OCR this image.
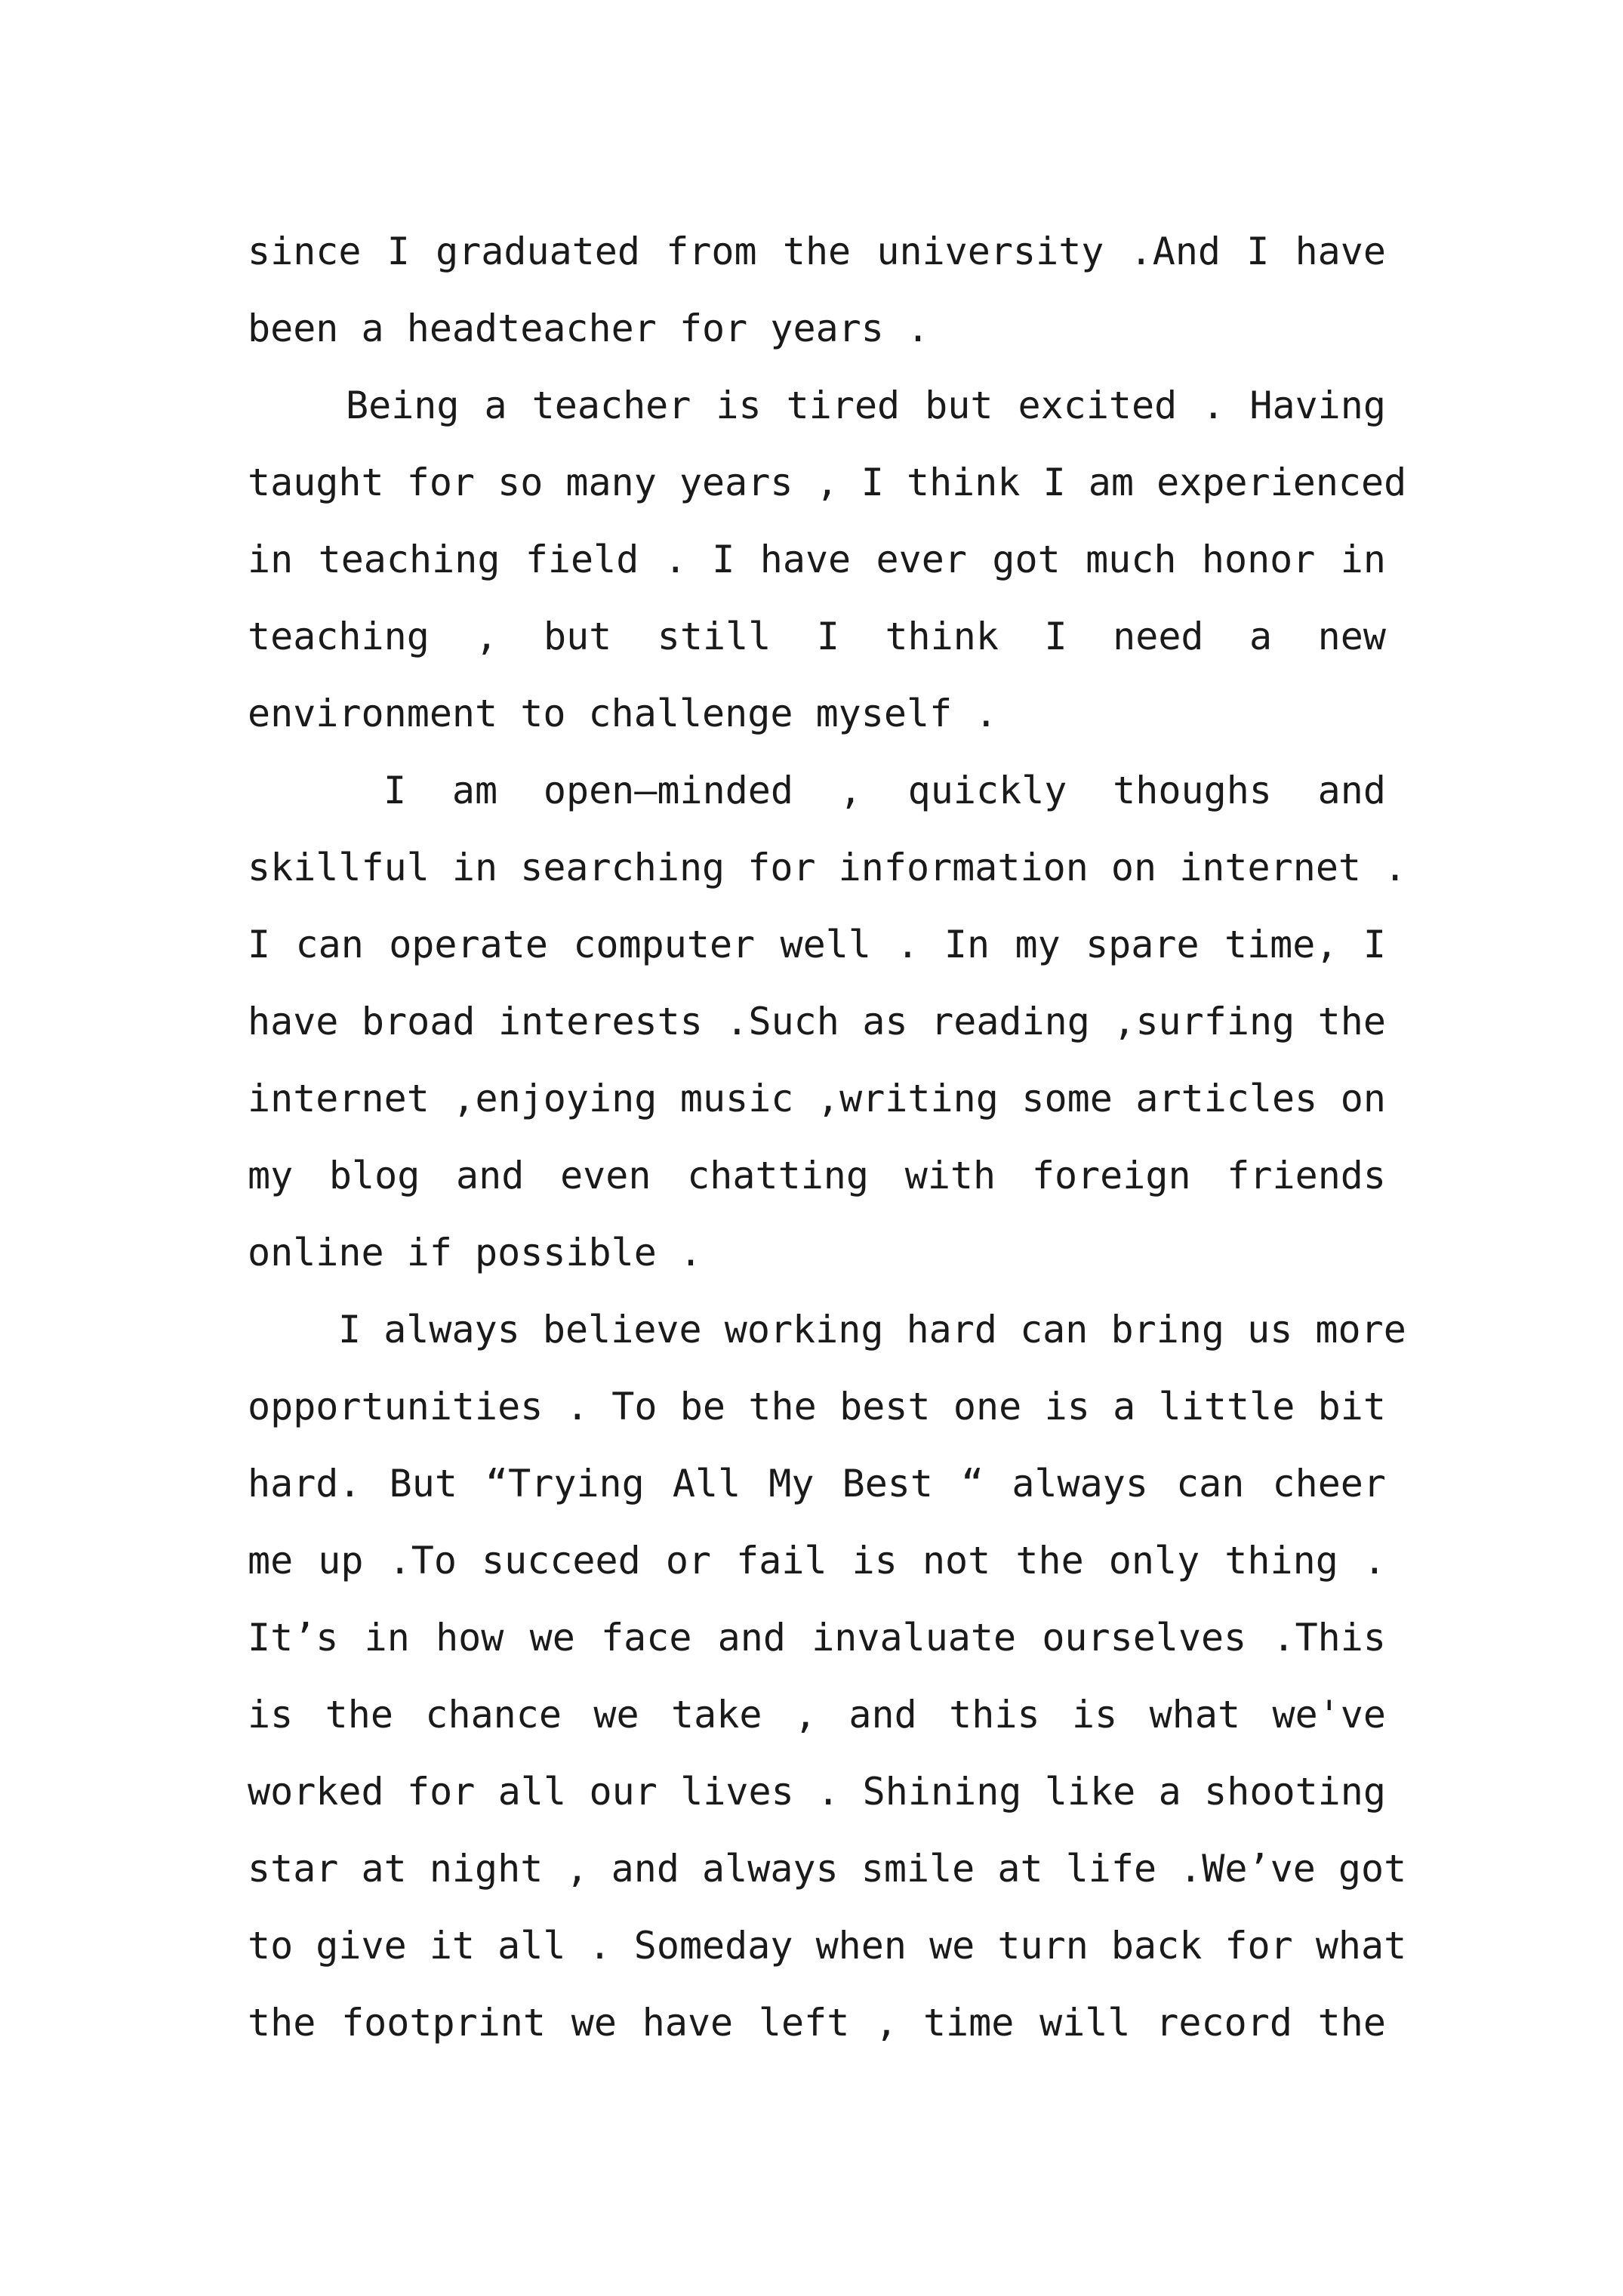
since I graduated from the university .And I have
been a headteacher for years .
Being a teacher is tired but excited . Having
taught for so many years , I think I am experienced
in teaching field . I have ever got much honor in
teaching , but still I think I need a new
environment to challenge myself .
I am open—minded , quickly thoughs and
skillful in searching for information on internet .
I can operate computer well . In my spare time, I
have broad interests .Such as reading ,surfing the
internet ,enjoying music ,writing some articles on
my blog and even chatting with foreign friends
online if possible .
I always believe working hard can bring us more
opportunities . To be the best one is a little bit
hard. But “Trying All My Best “ always can cheer
me up .To succeed or fail is not the only thing .
It’s in how we face and invaluate ourselves .This
is the chance we take , and this is what we've
worked for all our lives . Shining like a shooting
star at night , and always smile at life .We’ve got
to give it all . Someday when we turn back for what
the footprint we have left , time will record the
